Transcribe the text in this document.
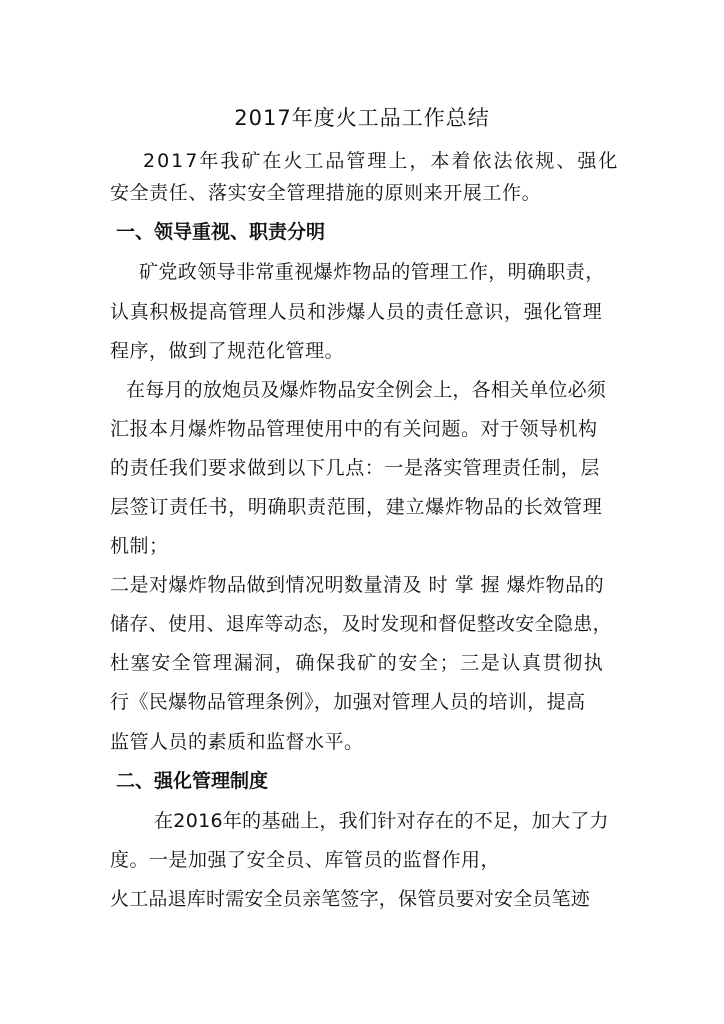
2017年度火工品工作总结
2017年我矿在火工品管理上，本着依法依规、强化
安全责任、落实安全管理措施的原则来开展工作。
一、领导重视、职责分明
矿党政领导非常重视爆炸物品的管理工作，明确职责，
认真积极提高管理人员和涉爆人员的责任意识，强化管理
程序，做到了规范化管理。
在每月的放炮员及爆炸物品安全例会上，各相关单位必须
汇报本月爆炸物品管理使用中的有关问题。对于领导机构
的责任我们要求做到以下几点：一是落实管理责任制，层
层签订责任书，明确职责范围，建立爆炸物品的长效管理
机制；
二是对爆炸物品做到情况明数量清及 时 掌 握 爆炸物品的
储存、使用、退库等动态，及时发现和督促整改安全隐患，
杜塞安全管理漏洞，确保我矿的安全；三是认真贯彻执
行《民爆物品管理条例》，加强对管理人员的培训，提高
监管人员的素质和监督水平。
二、强化管理制度
在2016年的基础上，我们针对存在的不足，加大了力
度。一是加强了安全员、库管员的监督作用，
火工品退库时需安全员亲笔签字，保管员要对安全员笔迹
